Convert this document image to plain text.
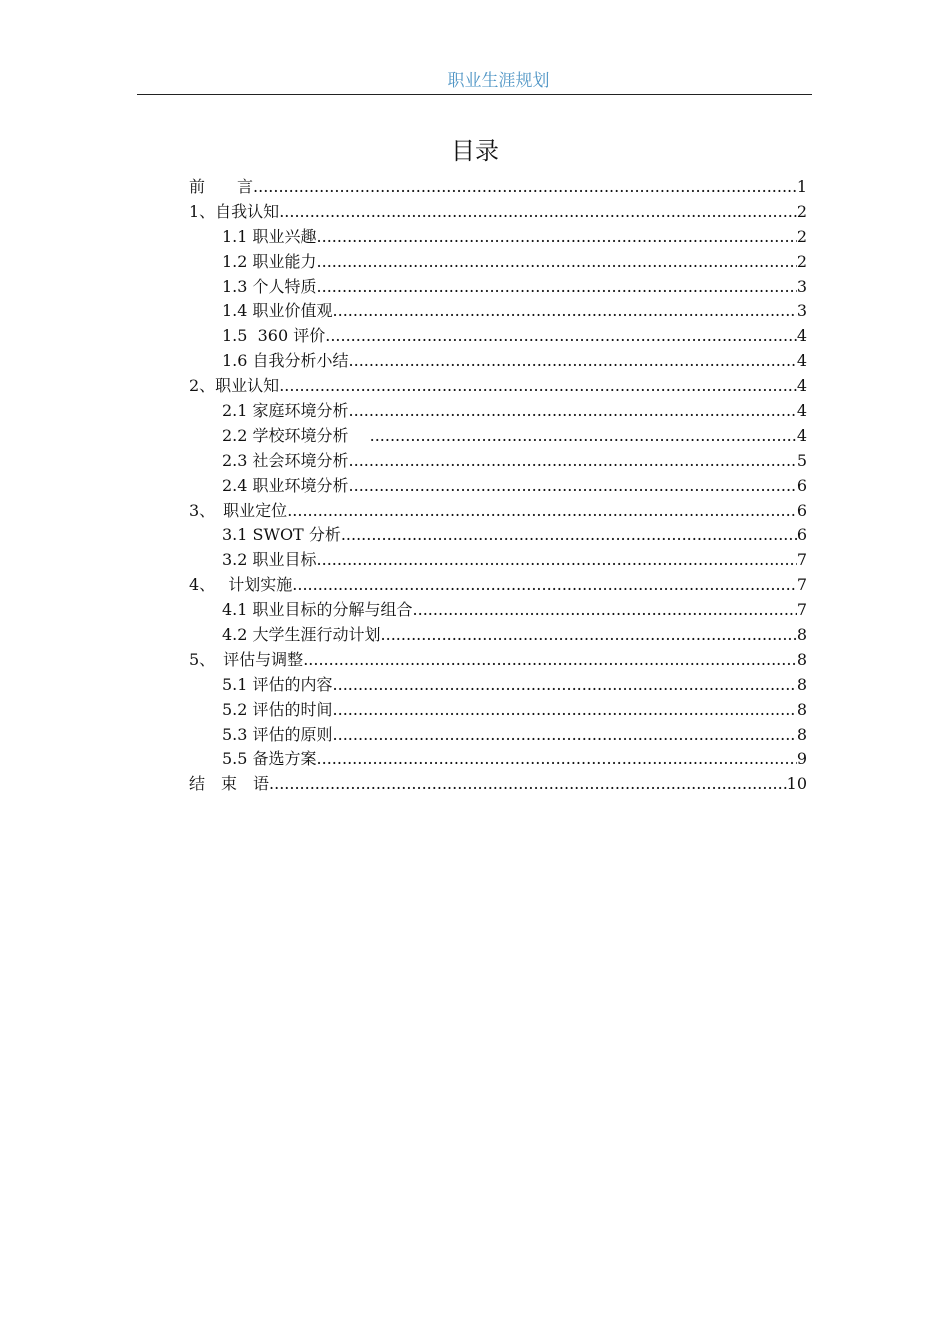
职业生涯规划
目录
前　　言 .....	1
1、自我认知 .....	2
1.1 职业兴趣 .....	2
1.2 职业能力 .....	2
1.3 个人特质 .....	3
1.4 职业价值观 .....	3
1.5  360 评价 .....	4
1.6 自我分析小结 .....	4
2、职业认知 .....	4
2.1 家庭环境分析 .....	4
2.2 学校环境分析　 .....	4
2.3 社会环境分析 .....	5
2.4 职业环境分析 .....	6
3、　职业定位 .....	6
3.1 SWOT 分析 .....	6
3.2 职业目标 .....	7
4、　 计划实施 .....	7
4.1 职业目标的分解与组合 .....	7
4.2 大学生涯行动计划 .....	8
5、　评估与调整 .....	8
5.1 评估的内容 .....	8
5.2 评估的时间 .....	8
5.3 评估的原则 .....	8
5.5 备选方案 .....	9
结　束　语 .....	10
